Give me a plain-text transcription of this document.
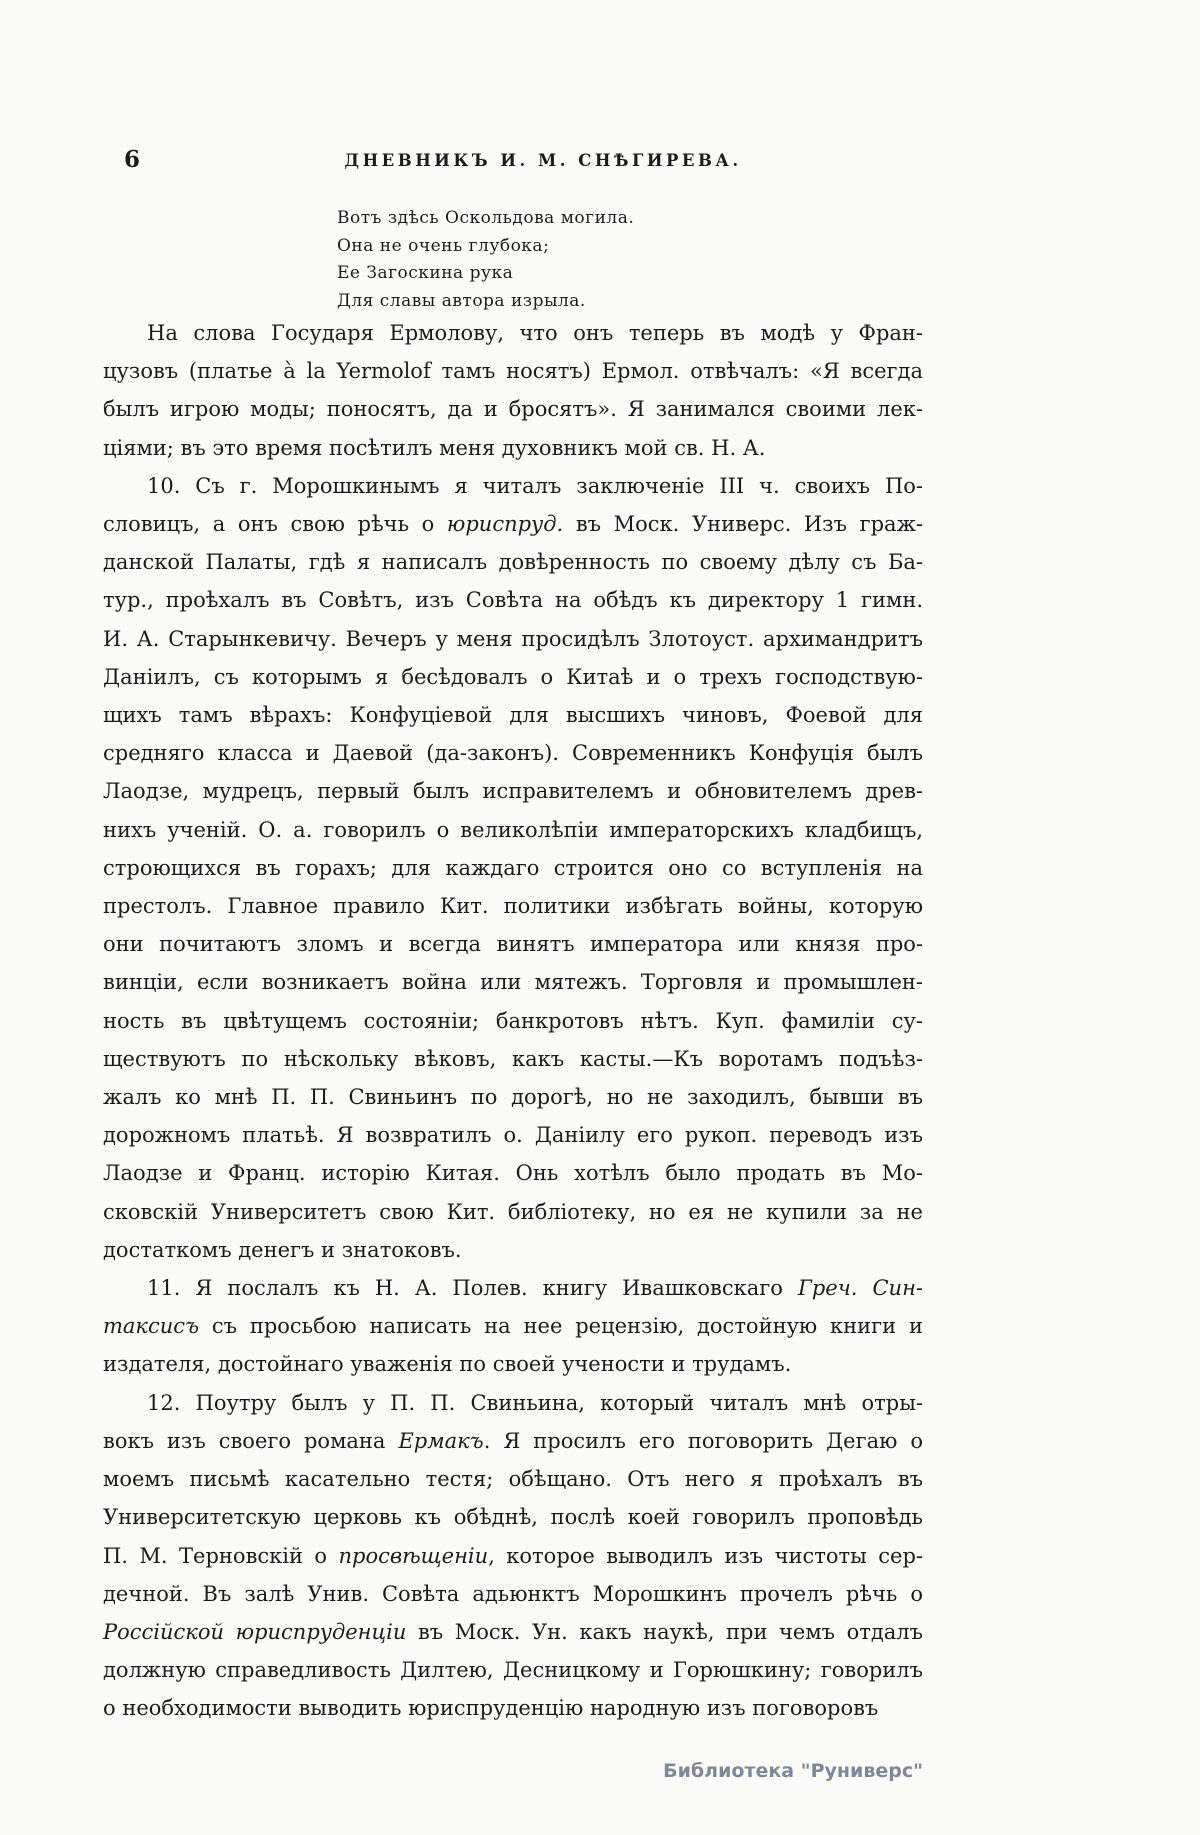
6	ДНЕВНИКЪ И. М. СНѢГИРЕВА.
Вотъ здѣсь Оскольдова могила.
Она не очень глубока;
Ее Загоскина рука
Для славы автора изрыла.
На слова Государя Ермолову, что онъ теперь въ модѣ у Фран-
цузовъ (платье à la Yermolof тамъ носятъ) Ермол. отвѣчалъ: «Я всегда
былъ игрою моды; поносятъ, да и бросятъ». Я занимался своими лек-
ціями; въ это время посѣтилъ меня духовникъ мой св. Н. А.
10. Съ г. Морошкинымъ я читалъ заключеніе III ч. своихъ По-
словицъ, а онъ свою рѣчь о юриспруд. въ Моск. Универс. Изъ граж-
данской Палаты, гдѣ я написалъ довѣренность по своему дѣлу съ Ба-
тур., проѣхалъ въ Совѣтъ, изъ Совѣта на обѣдъ къ директору 1 гимн.
И. А. Старынкевичу. Вечеръ у меня просидѣлъ Злотоуст. архимандритъ
Даніилъ, съ которымъ я бесѣдовалъ о Китаѣ и о трехъ господствую-
щихъ тамъ вѣрахъ: Конфуціевой для высшихъ чиновъ, Фоевой для
средняго класса и Даевой (да-законъ). Современникъ Конфуція былъ
Лаодзе, мудрецъ, первый былъ исправителемъ и обновителемъ древ-
нихъ ученій. О. а. говорилъ о великолѣпіи императорскихъ кладбищъ,
строющихся въ горахъ; для каждаго строится оно со вступленія на
престолъ. Главное правило Кит. политики избѣгать войны, которую
они почитаютъ зломъ и всегда винятъ императора или князя про-
винціи, если возникаетъ война или мятежъ. Торговля и промышлен-
ность въ цвѣтущемъ состояніи; банкротовъ нѣтъ. Куп. фамиліи су-
ществуютъ по нѣскольку вѣковъ, какъ касты.—Къ воротамъ подъѣз-
жалъ ко мнѣ П. П. Свиньинъ по дорогѣ, но не заходилъ, бывши въ
дорожномъ платьѣ. Я возвратилъ о. Даніилу его рукоп. переводъ изъ
Лаодзе и Франц. исторію Китая. Онь хотѣлъ было продать въ Мо-
сковскій Университетъ свою Кит. библіотеку, но ея не купили за не
достаткомъ денегъ и знатоковъ.
11. Я послалъ къ Н. А. Полев. книгу Ивашковскаго Греч. Син-
таксисъ съ просьбою написать на нее рецензію, достойную книги и
издателя, достойнаго уваженія по своей учености и трудамъ.
12. Поутру былъ у П. П. Свиньина, который читалъ мнѣ отры-
вокъ изъ своего романа Ермакъ. Я просилъ его поговорить Дегаю о
моемъ письмѣ касательно тестя; обѣщано. Отъ него я проѣхалъ въ
Университетскую церковь къ обѣднѣ, послѣ коей говорилъ проповѣдь
П. М. Терновскій о просвѣщеніи, которое выводилъ изъ чистоты сер-
дечной. Въ залѣ Унив. Совѣта адьюнктъ Морошкинъ прочелъ рѣчь о
Россійской юриспруденціи въ Моск. Ун. какъ наукѣ, при чемъ отдалъ
должную справедливость Дилтею, Десницкому и Горюшкину; говорилъ
о необходимости выводить юриспруденцію народную изъ поговоровъ
Библиотека "Руниверс"
